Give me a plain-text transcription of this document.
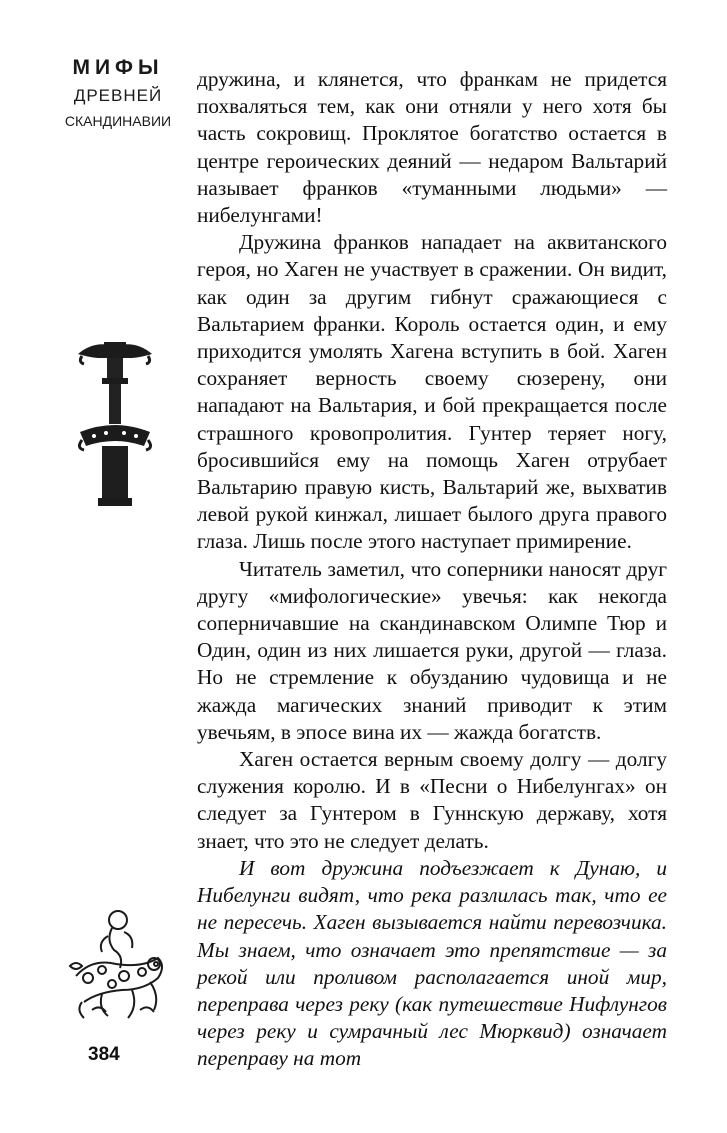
МИФЫ
ДРЕВНЕЙ
СКАНДИНАВИИ

дружина, и клянется, что франкам не придется похваляться тем, как они отняли у него хотя бы часть сокровищ. Проклятое богатство остается в центре героических деяний — недаром Вальтарий называет франков «туманными людьми» — нибелунгами!

Дружина франков нападает на аквитанского героя, но Хаген не участвует в сражении. Он видит, как один за другим гибнут сражающиеся с Вальтарием франки. Король остается один, и ему приходится умолять Хагена вступить в бой. Хаген сохраняет верность своему сюзерену, они нападают на Вальтария, и бой прекращается после страшного кровопролития. Гунтер теряет ногу, бросившийся ему на помощь Хаген отрубает Вальтарию правую кисть, Вальтарий же, выхватив левой рукой кинжал, лишает былого друга правого глаза. Лишь после этого наступает примирение.

Читатель заметил, что соперники наносят друг другу «мифологические» увечья: как некогда соперничавшие на скандинавском Олимпе Тюр и Один, один из них лишается руки, другой — глаза. Но не стремление к обузданию чудовища и не жажда магических знаний приводит к этим увечьям, в эпосе вина их — жажда богатств.

Хаген остается верным своему долгу — долгу служения королю. И в «Песни о Нибелунгах» он следует за Гунтером в Гуннскую державу, хотя знает, что это не следует делать.

И вот дружина подъезжает к Дунаю, и Нибелунги видят, что река разлилась так, что ее не пересечь. Хаген вызывается найти перевозчика. Мы знаем, что означает это препятствие — за рекой или проливом располагается иной мир, переправа через реку (как путешествие Нифлунгов через реку и сумрачный лес Мюрквид) означает переправу на тот

384
